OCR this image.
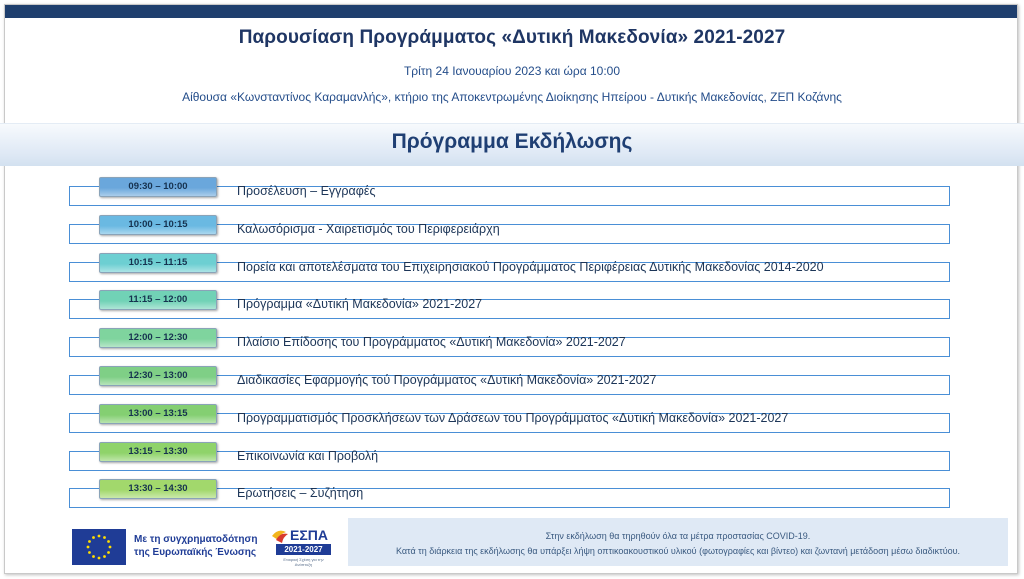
Παρουσίαση Προγράμματος «Δυτική Μακεδονία» 2021-2027
Τρίτη 24 Ιανουαρίου 2023 και ώρα 10:00
Αίθουσα «Κωνσταντίνος Καραμανλής», κτήριο της Αποκεντρωμένης Διοίκησης Ηπείρου - Δυτικής Μακεδονίας, ΖΕΠ Κοζάνης
Πρόγραμμα Εκδήλωσης
09:30 – 10:00	Προσέλευση – Εγγραφές
10:00 – 10:15	Καλωσόρισμα - Χαιρετισμός του Περιφερειάρχη
10:15 – 11:15	Πορεία και αποτελέσματα του Επιχειρησιακού Προγράμματος Περιφέρειας Δυτικής Μακεδονίας 2014-2020
11:15 – 12:00	Πρόγραμμα «Δυτική Μακεδονία» 2021-2027
12:00 – 12:30	Πλαίσιο Επίδοσης του Προγράμματος «Δυτική Μακεδονία» 2021-2027
12:30 – 13:00	Διαδικασίες Εφαρμογής τού Προγράμματος «Δυτική Μακεδονία» 2021-2027
13:00 – 13:15	Προγραμματισμός Προσκλήσεων των Δράσεων του Προγράμματος «Δυτική Μακεδονία» 2021-2027
13:15 – 13:30	Επικοινωνία και Προβολή
13:30 – 14:30	Ερωτήσεις – Συζήτηση
Στην εκδήλωση θα τηρηθούν όλα τα μέτρα προστασίας COVID-19.
Κατά τη διάρκεια της εκδήλωσης θα υπάρξει λήψη οπτικοακουστικού υλικού (φωτογραφίες και βίντεο) και ζωντανή μετάδοση μέσω διαδικτύου.
Με τη συγχρηματοδότηση
της Ευρωπαϊκής Ένωσης
ΕΣΠΑ
2021-2027
Εταιρική Σχέση για την Ανάπτυξη
